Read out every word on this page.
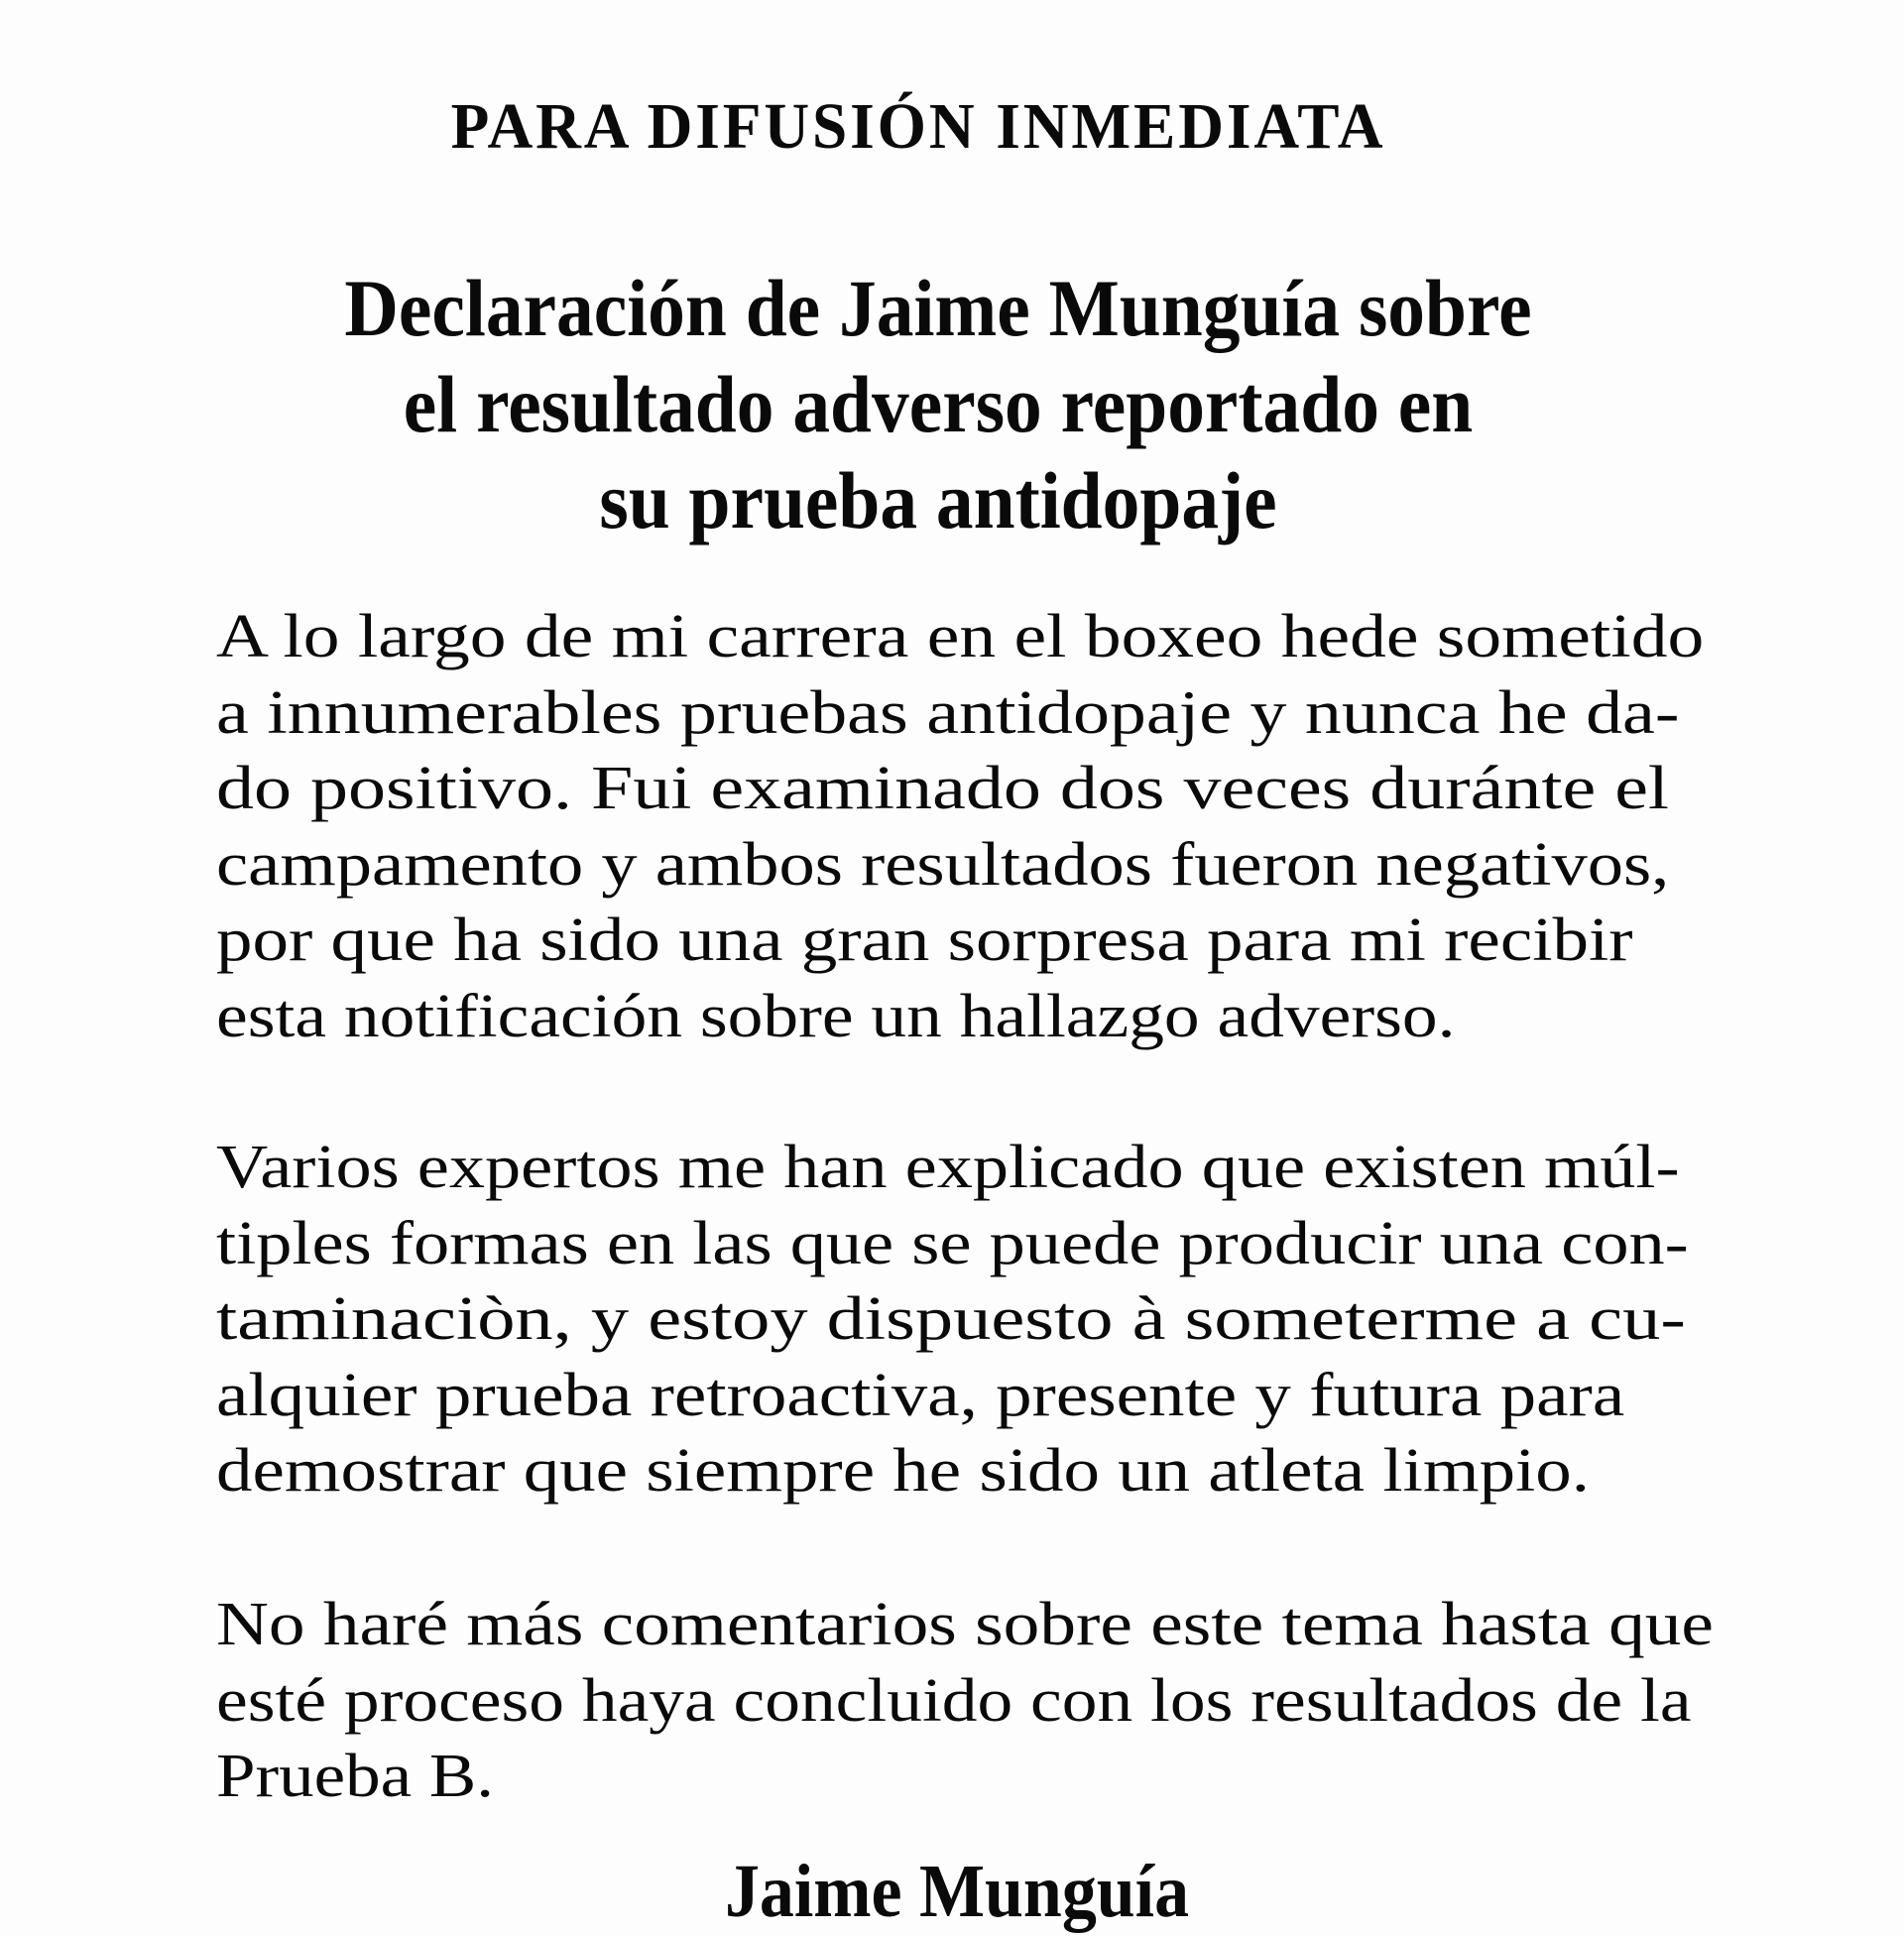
PARA DIFUSIÓN INMEDIATA
Declaración de Jaime Munguía sobre
el resultado adverso reportado en
su prueba antidopaje
A lo largo de mi carrera en el boxeo hede sometido
a innumerables pruebas antidopaje y nunca he da-
do positivo. Fui examinado dos veces duránte el
campamento y ambos resultados fueron negativos,
por que ha sido una gran sorpresa para mi recibir
esta notificación sobre un hallazgo adverso.
Varios expertos me han explicado que existen múl-
tiples formas en las que se puede producir una con-
taminaciòn, y estoy dispuesto à someterme a cu-
alquier prueba retroactiva, presente y futura para
demostrar que siempre he sido un atleta limpio.
No haré más comentarios sobre este tema hasta que
esté proceso haya concluido con los resultados de la
Prueba B.
Jaime Munguía
